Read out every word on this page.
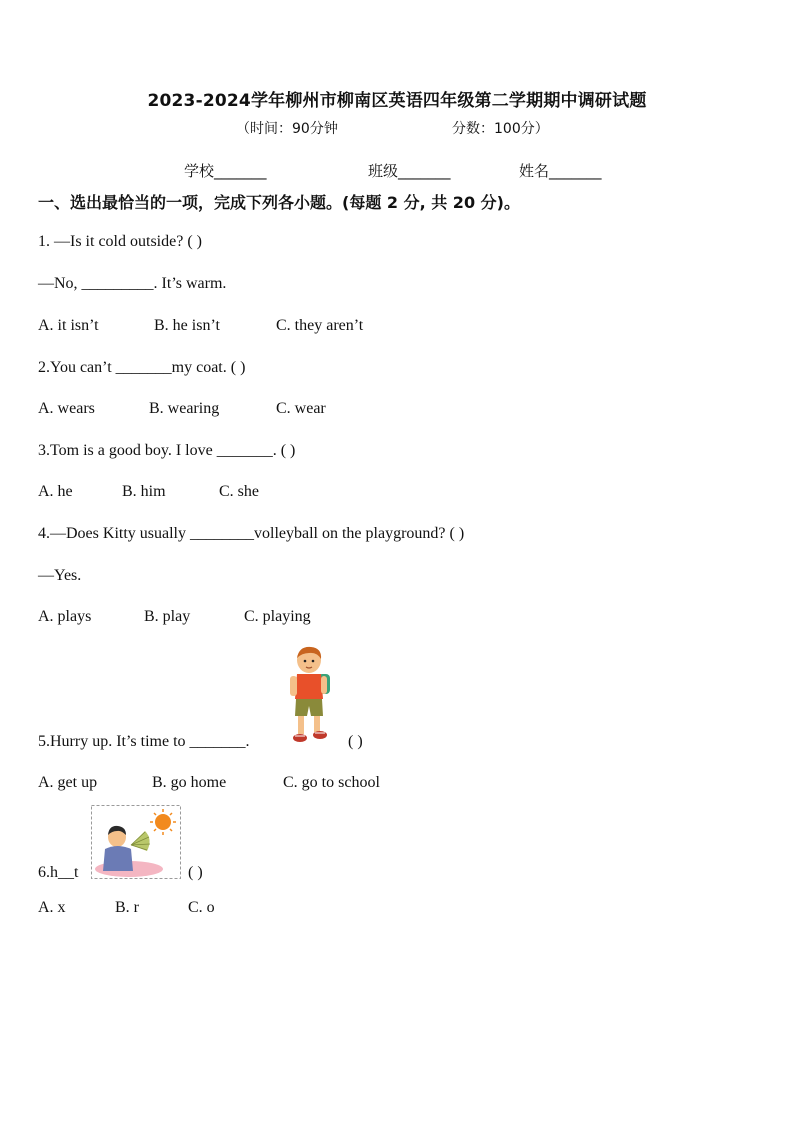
2023-2024学年柳州市柳南区英语四年级第二学期期中调研试题
（时间：90分钟	分数：100分）
学校_______	班级_______	姓名_______
一、选出最恰当的一项，完成下列各小题。(每题 2 分, 共 20 分)。
1. —Is it cold outside? ( )
—No, _________. It’s warm.
A. it isn’t	B. he isn’t	C. they aren’t
2.You can’t _______my coat. ( )
A. wears	B. wearing	C. wear
3.Tom is a good boy. I love _______. ( )
A. he	B. him	C. she
4.—Does Kitty usually ________volleyball on the playground? ( )
—Yes.
A. plays	B. play	C. playing
5.Hurry up. It’s time to _______.	( )
A. get up	B. go home	C. go to school
6.h__t	( )
A. x	B. r	C. o
